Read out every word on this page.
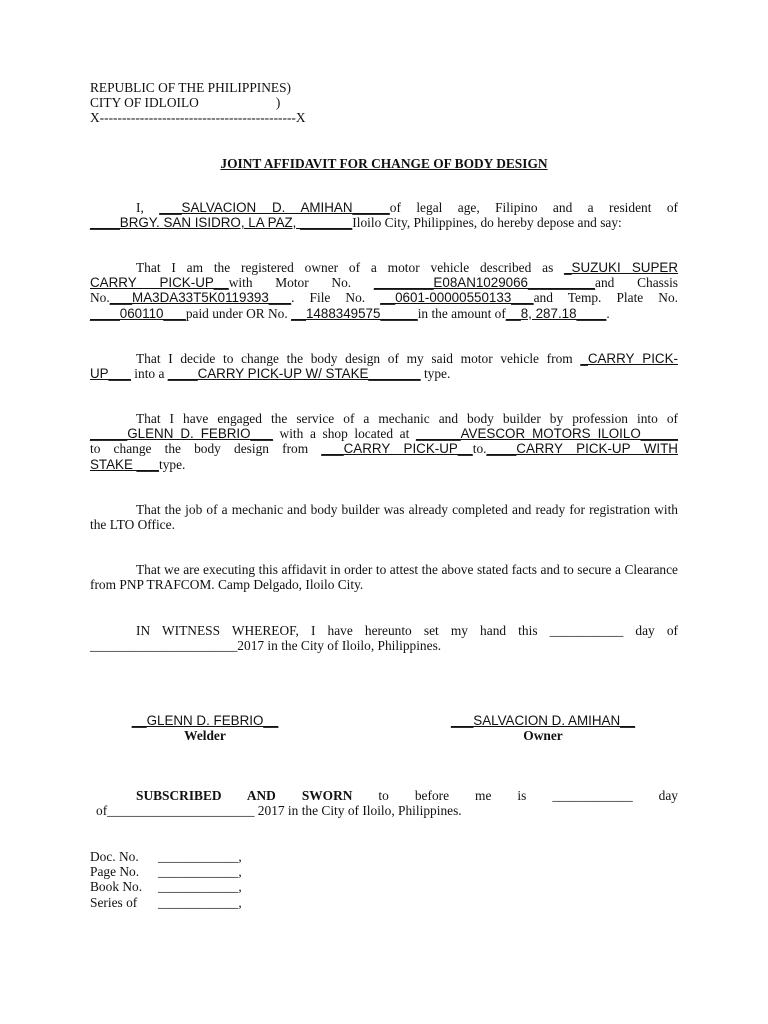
REPUBLIC OF THE PHILIPPINES)
CITY OF IDLOILO                       )
X--------------------------------------------X
JOINT AFFIDAVIT FOR CHANGE OF BODY DESIGN
I, ___SALVACION D. AMIHAN_____of legal age, Filipino and a resident of
____BRGY. SAN ISIDRO, LA PAZ, _______Iloilo City, Philippines, do hereby depose and say:
That I am the registered owner of a motor vehicle described as _SUZUKI SUPER
CARRY PICK-UP__with Motor No. ________E08AN1029066_________and Chassis
No.___MA3DA33T5K0119393___. File No. __0601-00000550133___and Temp. Plate No.
____060110___paid under OR No. __1488349575_____in the amount of__8, 287.18____.
That I decide to change the body design of my said motor vehicle from _CARRY PICK-
UP___ into a ____CARRY PICK-UP W/ STAKE_______ type.
That I have engaged the service of a mechanic and body builder by profession into of
_____GLENN D. FEBRIO___ with a shop located at ______AVESCOR MOTORS ILOILO_____
to change the body design from ___CARRY PICK-UP__to.____CARRY PICK-UP WITH
STAKE ___type.
That the job of a mechanic and body builder was already completed and ready for registration with the LTO Office.
That we are executing this affidavit in order to attest the above stated facts and to secure a Clearance from PNP TRAFCOM. Camp Delgado, Iloilo City.
IN WITNESS WHEREOF, I have hereunto set my hand this ___________ day of
______________________2017 in the City of Iloilo, Philippines.
__GLENN D. FEBRIO__
Welder
___SALVACION D. AMIHAN__
Owner
SUBSCRIBED AND SWORN to before me is ____________ day
of______________________ 2017 in the City of Iloilo, Philippines.
Doc. No. ____________,
Page No. ____________,
Book No. ____________,
Series of ____________,
